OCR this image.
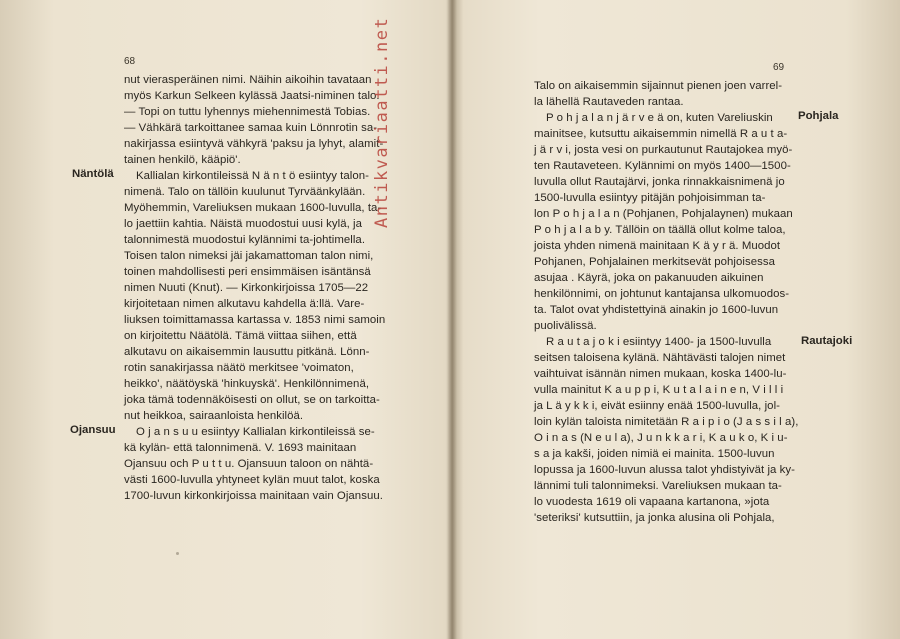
68
nut vierasperäinen nimi. Näihin aikoihin tavataan
myös Karkun Selkeen kylässä Jaatsi-niminen talo.
— Topi on tuttu lyhennys miehennimestä Tobias.
— Vähkärä tarkoittanee samaa kuin Lönnrotin sa-
nakirjassa esiintyvä vähkyrä 'paksu ja lyhyt, alamit-
tainen henkilö, kääpiö'.
Kallialan kirkontileissä N ä n t ö esiintyy talon-
nimenä. Talo on tällöin kuulunut Tyrväänkylään.
Myöhemmin, Vareliuksen mukaan 1600-luvulla, ta-
lo jaettiin kahtia. Näistä muodostui uusi kylä, ja
talonnimestä muodostui kylännimi ta-johtimella.
Toisen talon nimeksi jäi jakamattoman talon nimi,
toinen mahdollisesti peri ensimmäisen isäntänsä
nimen Nuuti (Knut). — Kirkonkirjoissa 1705—22
kirjoitetaan nimen alkutavu kahdella ä:llä. Vare-
liuksen toimittamassa kartassa v. 1853 nimi samoin
on kirjoitettu Näätölä. Tämä viittaa siihen, että
alkutavu on aikaisemmin lausuttu pitkänä. Lönn-
rotin sanakirjassa näätö merkitsee 'voimaton,
heikko', näätöyskä 'hinkuyskä'. Henkilönnimenä,
joka tämä todennäköisesti on ollut, se on tarkoitta-
nut heikkoa, sairaanloista henkilöä.
O j a n s u u esiintyy Kallialan kirkontileissä se-
kä kylän- että talonnimenä. V. 1693 mainitaan
Ojansuu och P u t t u. Ojansuun taloon on nähtä-
västi 1600-luvulla yhtyneet kylän muut talot, koska
1700-luvun kirkonkirjoissa mainitaan vain Ojansuu.
Näntölä
Ojansuu
Antikvariaatti.net	69
Talo on aikaisemmin sijainnut pienen joen varrel-
la lähellä Rautaveden rantaa.
P o h j a l a n j ä r v e ä on, kuten Vareliuskin
mainitsee, kutsuttu aikaisemmin nimellä R a u t a-
j ä r v i, josta vesi on purkautunut Rautajokea myö-
ten Rautaveteen. Kylännimi on myös 1400—1500-
luvulla ollut Rautajärvi, jonka rinnakkaisnimenä jo
1500-luvulla esiintyy pitäjän pohjoisimman ta-
lon P o h j a l a n (Pohjanen, Pohjalaynen) mukaan
P o h j a l a b y. Tällöin on täällä ollut kolme taloa,
joista yhden nimenä mainitaan K ä y r ä. Muodot
Pohjanen, Pohjalainen merkitsevät pohjoisessa
asujaa . Käyrä, joka on pakanuuden aikuinen
henkilönnimi, on johtunut kantajansa ulkomuodos-
ta. Talot ovat yhdistettyinä ainakin jo 1600-luvun
puolivälissä.
R a u t a j o k i esiintyy 1400- ja 1500-luvulla
seitsen taloisena kylänä. Nähtävästi talojen nimet
vaihtuivat isännän nimen mukaan, koska 1400-lu-
vulla mainitut K a u p p i, K u t a l a i n e n, V i l l i
ja L ä y k k i, eivät esiinny enää 1500-luvulla, jol-
loin kylän taloista nimitetään R a i p i o (J a s s i l a),
O i n a s (N e u l a), J u n k k a r i, K a u k o, K i u-
s a ja kakši, joiden nimiä ei mainita. 1500-luvun
lopussa ja 1600-luvun alussa talot yhdistyivät ja ky-
lännimi tuli talonnimeksi. Vareliuksen mukaan ta-
lo vuodesta 1619 oli vapaana kartanona, »jota
'seteriksi' kutsuttiin, ja jonka alusina oli Pohjala,
Pohjala
Rautajoki
